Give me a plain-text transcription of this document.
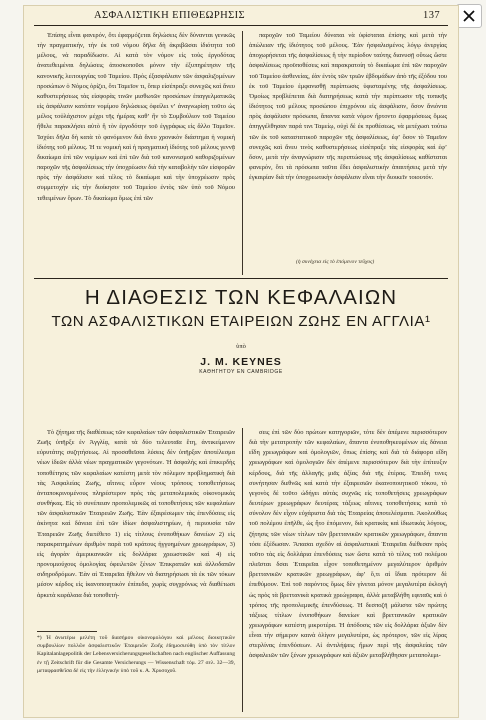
ΑΣΦΑΛΙΣΤΙΚΗ ΕΠΙΘΕΩΡΗΣΙΣ	137

Ἐπίσης εἶναι φανερόν, ὅτι ἐφαρμόζεται δηλώσεις δὲν δύνανται γενικῶς τὴν πραγματικήν, τὴν ἐκ τοῦ νόμου δῆλα δὴ ἀκριβῶσαι ἰδιότητα τοῦ μέλους, νὰ παραδίδωσιν. Αἱ κατὰ τὸν νόμον εἰς τοὺς ἐργοδότας ἀνατεθειμέναι δηλώσεις ἀποσκοποῦσι μόνον τὴν ἐξυπηρέτησιν τῆς κανονικῆς λειτουργίας τοῦ Ταμείου. Πρὸς ἐξασφάλισιν τῶν ἀσφαλιζομένων προσώπων ὁ Νόμος ὁρίζει, ὅτι Ταμεῖον τι, ὅπερ εἰσέπραξε συνεχῶς καὶ ἄνευ καθυστερήσεως τὰς εἰσφορὰς τινῶν μισθωτῶν προσώπων ἐπαγγελματικῶς εἰς ἀσφάλισιν κατόπιν νομίμου δηλώσεως ὀφείλει νʼ ἀναγνωρίσῃ τοῦτο ὡς μέλος τοὐλάχιστον μέχρι τῆς ἡμέρας καθʼ ἣν τὸ Συμβούλιον τοῦ Ταμείου ἤθελε παρακλήσει αὐτὸ ἢ τὸν ἐργοδότην τοῦ ἐγγράφως εἰς ἄλλο Ταμεῖον. Ἰσχύει δῆλα δὴ κατὰ τὸ φανόμενον διὰ ἄνευ χρονικὸν διάστημα ἡ νομικὴ ἰδιότης τοῦ μέλους. Ἡ τε νομικὴ καὶ ἡ πραγματικὴ ἰδιότης τοῦ μέλους γεννᾷ δικαίωμα ἐπὶ τῶν νομίμων καὶ ἐπὶ τῶν διὰ τοῦ κανονισμοῦ καθοριζομένων παροχῶν τῆς ἀσφαλίσεως τὴν ὑποχρέωσιν διὰ τὴν καταβολὴν τῶν εἰσφορῶν πρὸς τὴν ἀσφάλισιν καὶ τέλος τὸ δικαίωμα καὶ τὴν ὑποχρέωσιν πρὸς συμμετοχὴν εἰς τὴν διοίκησιν τοῦ Ταμείου ἐντὸς τῶν ὑπὸ τοῦ Νόμου τεθειμένων ὅρων. Τὸ δικαίωμα ὅμως ἐπὶ τῶν

παροχῶν τοῦ Ταμείου δύναται νὰ ὑφίσταται ἐπίσης καὶ μετὰ τὴν ἀπώλειαν τῆς ἰδιότητος τοῦ μέλους. Ἐὰν ἠσφαλισμένος λόγῳ ἀνεργίας ἀποχωρήσεται τῆς ἀσφαλίσεως ἢ τὴν περίοδον ταύτης διανυσῇ οὕτως ὥστε ἀσφαλίσεως προϋποθέσεις καὶ παρακρατοίη τὸ δικαίωμα ἐπὶ τῶν παροχῶν τοῦ Ταμείου ἀσθενείας, ἐὰν ἐντὸς τῶν τριῶν ἑβδομάδων ἀπὸ τῆς ἐξόδου του ἐκ τοῦ Ταμείου ἐμφανισθῇ περίπτωσις ὑφισταμένης τῆς ἀσφαλίσεως. Ὁμοίως προβλέπεται διὰ διατηρήσεως κατὰ τὴν περίπτωσιν τῆς τυπικῆς ἰδιότητος τοῦ μέλους προσώπου ἐπιχρόνου εἰς ἀσφάλισιν, ὅσον ἄνιόντα πρὸς ἀσφάλισιν πρόσωπα, ἅπαντα κατὰ νόμον ἤρτοντο ἐφαρμόσεως ὅμως ἀπηγγέλθησαν παρά τινι Ταμείῳ, οὐχὶ δὲ ἐκ προθέσεως, νὰ μετέχωσι τούτω τῶν ἐκ τοῦ καταστατικοῦ παροχῶν τῆς ἀσφαλίσεως, ἐφʼ ὅσον τὸ Ταμεῖον συνεχῶς καὶ ἄνευ τινὸς καθυστερήσεως εἰσέπραξε τὰς εἰσφορὰς καὶ ἐφʼ ὅσον, μετὰ τὴν ἀναγνώρισιν τῆς περιπτώσεως τῆς ἀσφαλίσεως καθίσταται φανερόν, ὅτι τὰ πρόσωπα ταῦτα ἔδει ἀσφαλιστικὴν ἀπαιτήσεις μετὰ τὴν ἐγκαιρίαν διὰ τὴν ὑποχρεωτικὴν ἀσφάλισιν εἶναι τὴν διοικεῖν τοιουτόν.

(ἡ συνέχεια εἰς τὸ ἑπόμενον τεῦχος)
Η ΔΙΑΘΕΣΙΣ ΤΩΝ ΚΕΦΑΛΑΙΩΝ
ΤΩΝ ΑΣΦΑΛΙΣΤΙΚΩΝ ΕΤΑΙΡΕΙΩΝ ΖΩΗΣ ΕΝ ΑΓΓΛΙΑ¹
ὑπὸ
J. M. KEYNES
ΚΑΘΗΓΗΤΟΥ ΕΝ CAMBRIDGE

Τὸ ζήτημα τῆς διαθέσεως τῶν κεφαλαίων τῶν ἀσφαλιστικῶν Ἐταιρειῶν Ζωῆς ὑπῆρξε ἐν Ἀγγλίᾳ, κατὰ τὰ δύο τελευταῖα ἔτη, ἀντικείμενον εὐρυτάτης συζητήσεως. Αἱ προσαθεῖσαι λύσεις δὲν ὑπῆρξαν ἀποτέλεσμα νέων ἰδεῶν ἀλλὰ νέων πραγματικῶν γεγονότων. Ἡ ἀσφαλὴς καὶ ἐπικερδὴς τοποθέτησις τῶν κεφαλαίων κατέστη μετὰ τὸν πόλεμον προβληματικὴ διὰ τὰς Ἀσφαλείας Ζωῆς, αἵτινες εὗρον νέους τρόπους τοποθετήσεως ἀνταποκρινομένους πληρέστερον πρὸς τὰς μεταπολεμικὰς οἰκονομικὰς συνθήκας. Εἰς τὸ συνέπειαν προπολεμικῶς αἱ τοποθετήσεις τῶν κεφαλαίων τῶν ἀσφαλιστικῶν Ἐταιρειῶν Ζωῆς. Ἐὰν ἐξαιρέσωμεν τὰς ἐπενδύσεις εἰς ἀκίνητα καὶ δάνεια ἐπὶ τῶν ἰδίων ἀσφαλιστηρίων, ἡ περιουσία τῶν Ἐταιρειῶν Ζωῆς διετέθετο 1) εἰς τίτλους ἐνυποθήκων δανείων 2) εἰς παρακρατημένων ἀριθμὸν παρὰ τοῦ κράτους ἠγγυημένων χρεωγράφων, 3) εἰς ἀγορὰν ἀμερικανικῶν εἰς δολλάρια χρεωστικῶν καὶ 4) εἰς προνομιούχους ὁμολογίας ὀφειλετῶν ξένων Ἐπικρατιῶν καὶ ἀλλοδαπῶν σιδηροδρόμων. Ἐὰν αἱ Ἐταιρεῖαι ἤθελον νὰ διατηρήσωσι τὰ ἐκ τῶν τόκων μέσον κέρδος εἰς ἱκανοποιητικὸν ἐπίπεδα, χωρὶς συγχρόνως νὰ διαθέτωσι ἀρκετὰ κεφάλαια διὰ τοποθετή-

σεις ἐπὶ τῶν δύο πρώτων κατηγοριῶν, τότε δὲν ἀπέμενε περισσότερον διὰ τὴν μετατροπὴν τῶν κεφαλαίων, ἅπαντα ἐνυποθηκευμένων εἰς δάνεια εἴδη χρεωγράφων καὶ ὁμολογιῶν, ὅπως ἐπίσης καὶ διὰ τὰ διάφορα εἴδη χρεωγράφων καὶ ὁμολογιῶν δὲν ἀπέμενε περισσότερον διὰ τὴν ἐπίτευξιν κέρδους, διὰ τῆς ἀλλαγῆς μιᾶς ἀξίας διὰ τῆς ἑτέρας. Ἐπειδὴ τινες συνήτησαν διεθνῶς καὶ κατὰ τὴν ἐξαιρεσιῶν ἐκαινοποιητικοῦ τόκου, τὸ γεγονὸς δὲ τοῦτο ὡδήγει αὐτὰς συχνῶς εἰς τοποθετήσεις χρεωγράφων δευτέρων χρεωγράφων δευτέρας τάξεως αἵτινες τοποθετήσεις κατὰ τὸ σύνολον δὲν εἶχον εὐχάριστα διὰ τὰς Ἐταιρείας ἀποτελέσματα. Ἀκολούθως τοῦ πολέμου ἐπῆλθε, ὡς ἦτο ἑπόμενον, διὰ κρατικὰς καὶ ἰδιωτικὰς λόγους, ζήτησις τῶν νέων τίτλων τῶν βρεττανικῶν κρατικῶν χρεωγράφων, ἅπαντα τόσε ἐξέδωσαν. Ἅπασαι σχεδὸν αἱ ἀσφαλιστικαὶ Ἐταιρεῖαι διέθεσαν πρὸς τοῦτο τὰς εἰς δολλάρια ἐπενδύσεις των ὥστε κατὰ τὸ τέλος τοῦ πολέμου πλεῖσται δσαι Ἐταιρεῖαι εἶχον τοποθετημένον μεγαλύτερον ἀριθμὸν βρεττανικῶν κρατικῶν χρεωγράφων, ἀφʼ ὅ,τι αἱ ἴδιαι πρότερον δὲ ἐπεθύμουν. Ἐπὶ τοῦ παρόντος ὅμως δὲν γίνεται μόνον μεγαλυτέρα ἐκλογὴ ὡς πρὸς τὰ βρεττανικὰ κρατικὰ χρεώγραφα, ἀλλὰ μεταβλήθη εφιταῦς καὶ ὁ τρόπος τῆς προπολεμικῆς ἐπενδύσεως. Ἡ δεσποζῆ μάλιστα τῶν πρώτης τάξεως τίτλων ἐνυποθήκων δανείων καὶ βρεττανικῶν κρατικῶν χρεωγράφων κατέστη μικροτέρα. Ἡ ἀπόδοσις τῶν εἰς δολλάρια ἀξιῶν δὲν εἶναι τὴν σήμερον καινὰ ὀλίγον μεγαλυτέρα, ὡς πρότερον, τῶν εἰς λίρας στερλίνας ἐπενδύσεων. Αἱ ἀντιλήψεις ἤμων περὶ τῆς ἀσφαλείας τῶν ἀσφαλειῶν τῶν ξένων χρεωγράφων καὶ ἀξιῶν μεταβλήθησαν μεταπολεμι-

*) Ἡ ἀνωτέρω μελέτη τοῦ διασήμου οἰκονομολόγου καὶ μέλους διοικητικῶν συμβουλίων πολλῶν ἀσφαλιστικῶν Ἐταιρειῶν Ζωῆς ἐδημοσιεύθη ὑπὸ τὸν τίτλον Kapitalanlagepolitik der Lebensversicherungsgesellschaften nach englischer Auffassung ἐν τῇ Zeitschrift für die Gesamte Versicherungs — Wissenschaft τόμ. 27 σελ. 32—39, μεταφρασθεῖσα δὲ εἰς τὴν ἑλληνικὴν ὑπὸ τοῦ κ. Α. Χρυσοχοῦ.
